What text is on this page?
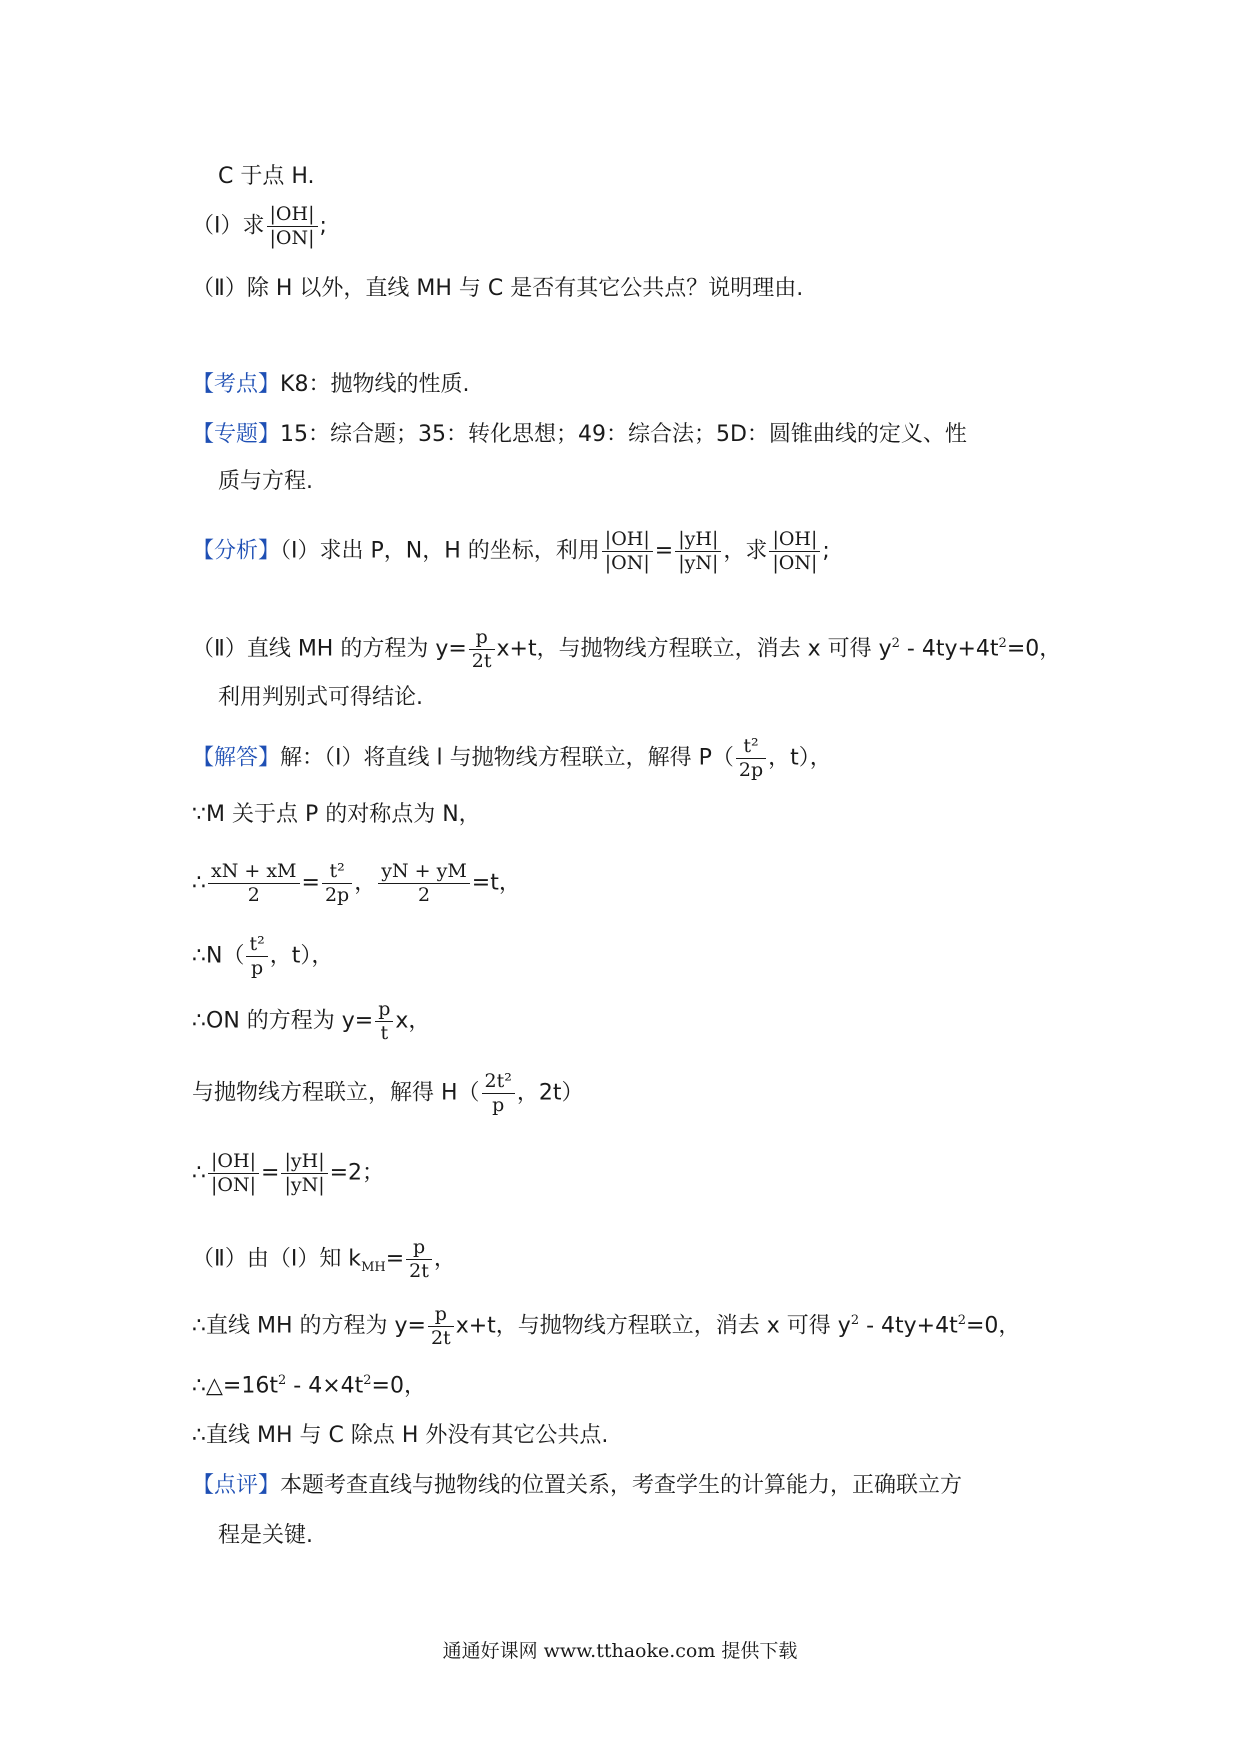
C 于点 H.
（Ⅰ）求 $\frac{|OH|}{|ON|}$ ;
（Ⅱ）除 H 以外，直线 MH 与 C 是否有其它公共点？说明理由.
【考点】K8：抛物线的性质.
【专题】15：综合题；35：转化思想；49：综合法；5D：圆锥曲线的定义、性
质与方程.
【分析】（Ⅰ）求出 P，N，H 的坐标，利用 $\frac{|OH|}{|ON|} = \frac{|yH|}{|yN|}$ ，求 $\frac{|OH|}{|ON|}$ ;
（Ⅱ）直线 MH 的方程为 $y= \frac{p}{2t} x+t$，与抛物线方程联立，消去 x 可得 $y^2 - 4ty+4t^2=0$，
利用判别式可得结论.
【解答】解：（Ⅰ）将直线 l 与抛物线方程联立，解得 $P( \frac{\text{t²}}{2p}$ ，t），
∵M 关于点 P 的对称点为 N，
∴ $\frac{xN + xM}{2} = \frac{\text{t²}}{2p}$ ， $\frac{yN + yM}{2} =t$，
∴N（ $\frac{\text{t²}}{p}$ ，t），
∴ON 的方程为 $y= \frac{p}{t}$ x，
与抛物线方程联立，解得 $H( \frac{\text{2t²}}{p}$ ，2t）
∴ $\frac{|OH|}{|ON|} = \frac{|yH|}{|yN|} =2$；
（Ⅱ）由（Ⅰ）知 $k_{MH}= \frac{p}{2t}$ ，
∴直线 MH 的方程为 $y= \frac{p}{2t} x+t$，与抛物线方程联立，消去 x 可得 $y^2 - 4ty+4t^2=0$，
$\therefore\triangle=16t^2 - 4\times 4t^2=0$，
∴直线 MH 与 C 除点 H 外没有其它公共点.
【点评】本题考查直线与抛物线的位置关系，考查学生的计算能力，正确联立方
程是关键.
通通好课网 www.tthaoke.com 提供下载
